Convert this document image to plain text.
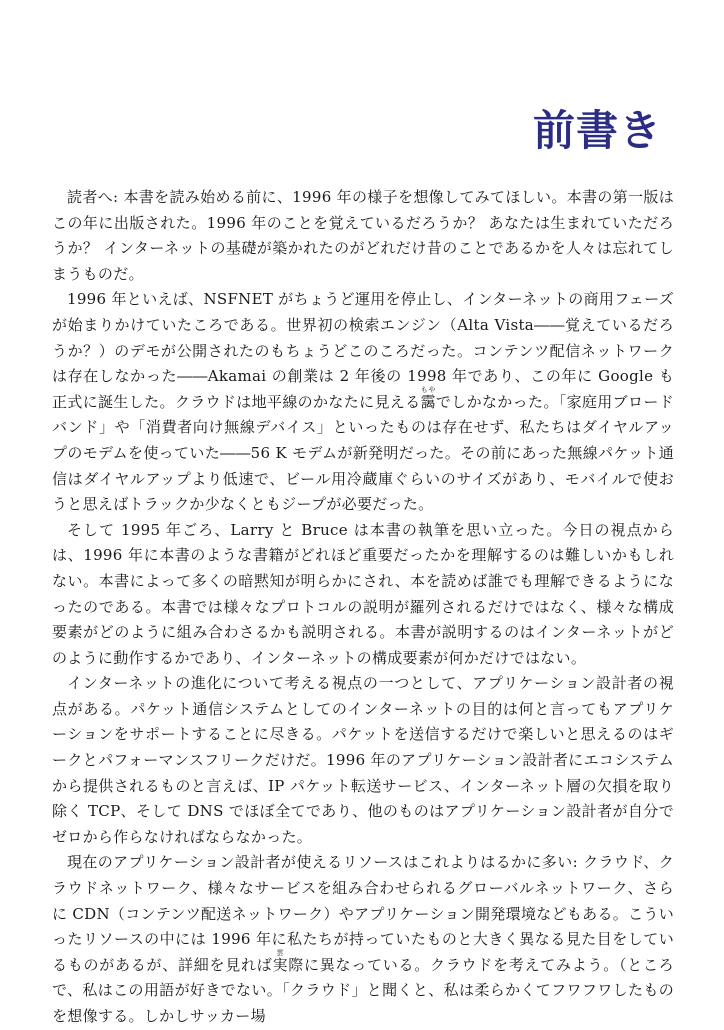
前書き

読者へ: 本書を読み始める前に、1996 年の様子を想像してみてほしい。本書の第一版はこの年に出版された。1996 年のことを覚えているだろうか？ あなたは生まれていただろうか？ インターネットの基礎が築かれたのがどれだけ昔のことであるかを人々は忘れてしまうものだ。

1996 年といえば、NSFNET がちょうど運用を停止し、インターネットの商用フェーズが始まりかけていたころである。世界初の検索エンジン（Alta Vista――覚えているだろうか？）のデモが公開されたのもちょうどこのころだった。コンテンツ配信ネットワークは存在しなかった――Akamai の創業は 2 年後の 1998 年であり、この年に Google も正式に誕生した。クラウドは地平線のかなたに見える靄もやでしかなかった。「家庭用ブロードバンド」や「消費者向け無線デバイス」といったものは存在せず、私たちはダイヤルアップのモデムを使っていた――56 K モデムが新発明だった。その前にあった無線パケット通信はダイヤルアップより低速で、ビール用冷蔵庫ぐらいのサイズがあり、モバイルで使おうと思えばトラックか少なくともジープが必要だった。

そして 1995 年ごろ、Larry と Bruce は本書の執筆を思い立った。今日の視点からは、1996 年に本書のような書籍がどれほど重要だったかを理解するのは難しいかもしれない。本書によって多くの暗黙知が明らかにされ、本を読めば誰でも理解できるようになったのである。本書では様々なプロトコルの説明が羅列されるだけではなく、様々な構成要素がどのように組み合わさるかも説明される。本書が説明するのはインターネットがどのように動作するかであり、インターネットの構成要素が何かだけではない。

インターネットの進化について考える視点の一つとして、アプリケーション設計者の視点がある。パケット通信システムとしてのインターネットの目的は何と言ってもアプリケーションをサポートすることに尽きる。パケットを送信するだけで楽しいと思えるのはギークとパフォーマンスフリークだけだ。1996 年のアプリケーション設計者にエコシステムから提供されるものと言えば、IP パケット転送サービス、インターネット層の欠損を取り除く TCP、そして DNS でほぼ全てであり、他のものはアプリケーション設計者が自分でゼロから作らなければならなかった。

現在のアプリケーション設計者が使えるリソースはこれよりはるかに多い: クラウド、クラウドネットワーク、様々なサービスを組み合わせられるグローバルネットワーク、さらに CDN（コンテンツ配送ネットワーク）やアプリケーション開発環境などもある。こういったリソースの中には 1996 年に私たちが持っていたものと大きく異なる見た目をしているものがあるが、詳細を見れば実雲際に異なっている。クラウドを考えてみよう。（ところで、私はこの用語が好きでない。「クラウド」と聞くと、私は柔らかくてフワフワしたものを想像する。しかしサッカー場
